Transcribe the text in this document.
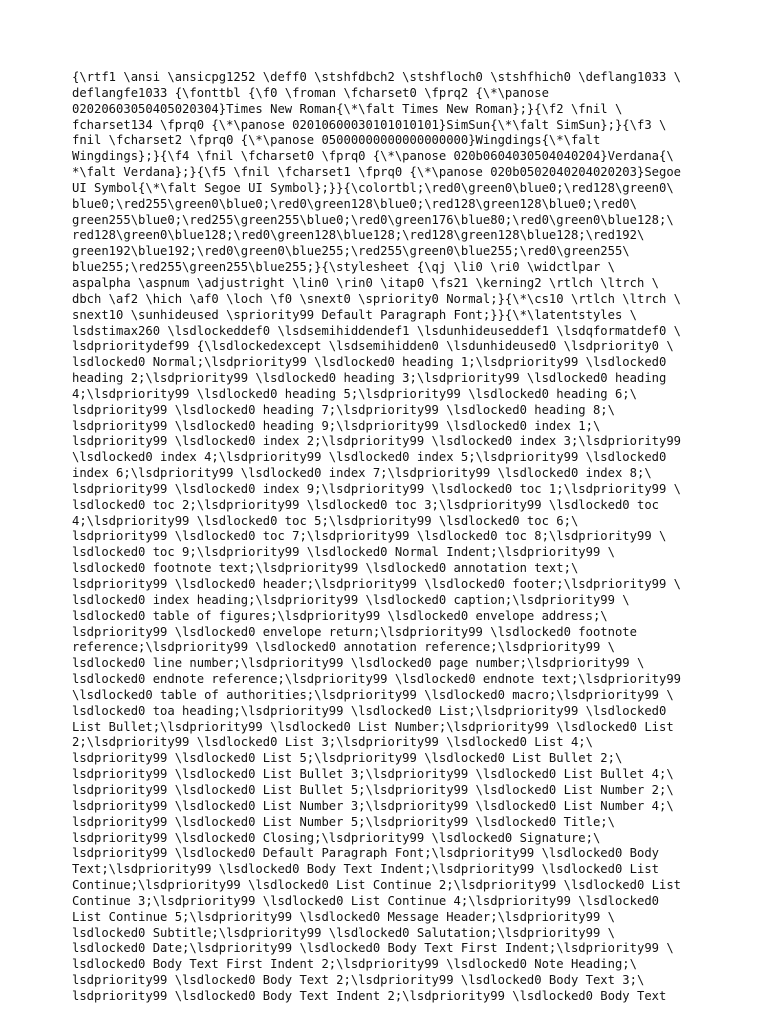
{\rtf1 \ansi \ansicpg1252 \deff0 \stshfdbch2 \stshfloch0 \stshfhich0 \deflang1033 \
deflangfe1033 {\fonttbl {\f0 \froman \fcharset0 \fprq2 {\*\panose
02020603050405020304}Times New Roman{\*\falt Times New Roman};}{\f2 \fnil \
fcharset134 \fprq0 {\*\panose 02010600030101010101}SimSun{\*\falt SimSun};}{\f3 \
fnil \fcharset2 \fprq0 {\*\panose 05000000000000000000}Wingdings{\*\falt
Wingdings};}{\f4 \fnil \fcharset0 \fprq0 {\*\panose 020b0604030504040204}Verdana{\
*\falt Verdana};}{\f5 \fnil \fcharset1 \fprq0 {\*\panose 020b0502040204020203}Segoe
UI Symbol{\*\falt Segoe UI Symbol};}}{\colortbl;\red0\green0\blue0;\red128\green0\
blue0;\red255\green0\blue0;\red0\green128\blue0;\red128\green128\blue0;\red0\
green255\blue0;\red255\green255\blue0;\red0\green176\blue80;\red0\green0\blue128;\
red128\green0\blue128;\red0\green128\blue128;\red128\green128\blue128;\red192\
green192\blue192;\red0\green0\blue255;\red255\green0\blue255;\red0\green255\
blue255;\red255\green255\blue255;}{\stylesheet {\qj \li0 \ri0 \widctlpar \
aspalpha \aspnum \adjustright \lin0 \rin0 \itap0 \fs21 \kerning2 \rtlch \ltrch \
dbch \af2 \hich \af0 \loch \f0 \snext0 \spriority0 Normal;}{\*\cs10 \rtlch \ltrch \
snext10 \sunhideused \spriority99 Default Paragraph Font;}}{\*\latentstyles \
lsdstimax260 \lsdlockeddef0 \lsdsemihiddendef1 \lsdunhideuseddef1 \lsdqformatdef0 \
lsdprioritydef99 {\lsdlockedexcept \lsdsemihidden0 \lsdunhideused0 \lsdpriority0 \
lsdlocked0 Normal;\lsdpriority99 \lsdlocked0 heading 1;\lsdpriority99 \lsdlocked0
heading 2;\lsdpriority99 \lsdlocked0 heading 3;\lsdpriority99 \lsdlocked0 heading
4;\lsdpriority99 \lsdlocked0 heading 5;\lsdpriority99 \lsdlocked0 heading 6;\
lsdpriority99 \lsdlocked0 heading 7;\lsdpriority99 \lsdlocked0 heading 8;\
lsdpriority99 \lsdlocked0 heading 9;\lsdpriority99 \lsdlocked0 index 1;\
lsdpriority99 \lsdlocked0 index 2;\lsdpriority99 \lsdlocked0 index 3;\lsdpriority99
\lsdlocked0 index 4;\lsdpriority99 \lsdlocked0 index 5;\lsdpriority99 \lsdlocked0
index 6;\lsdpriority99 \lsdlocked0 index 7;\lsdpriority99 \lsdlocked0 index 8;\
lsdpriority99 \lsdlocked0 index 9;\lsdpriority99 \lsdlocked0 toc 1;\lsdpriority99 \
lsdlocked0 toc 2;\lsdpriority99 \lsdlocked0 toc 3;\lsdpriority99 \lsdlocked0 toc
4;\lsdpriority99 \lsdlocked0 toc 5;\lsdpriority99 \lsdlocked0 toc 6;\
lsdpriority99 \lsdlocked0 toc 7;\lsdpriority99 \lsdlocked0 toc 8;\lsdpriority99 \
lsdlocked0 toc 9;\lsdpriority99 \lsdlocked0 Normal Indent;\lsdpriority99 \
lsdlocked0 footnote text;\lsdpriority99 \lsdlocked0 annotation text;\
lsdpriority99 \lsdlocked0 header;\lsdpriority99 \lsdlocked0 footer;\lsdpriority99 \
lsdlocked0 index heading;\lsdpriority99 \lsdlocked0 caption;\lsdpriority99 \
lsdlocked0 table of figures;\lsdpriority99 \lsdlocked0 envelope address;\
lsdpriority99 \lsdlocked0 envelope return;\lsdpriority99 \lsdlocked0 footnote
reference;\lsdpriority99 \lsdlocked0 annotation reference;\lsdpriority99 \
lsdlocked0 line number;\lsdpriority99 \lsdlocked0 page number;\lsdpriority99 \
lsdlocked0 endnote reference;\lsdpriority99 \lsdlocked0 endnote text;\lsdpriority99
\lsdlocked0 table of authorities;\lsdpriority99 \lsdlocked0 macro;\lsdpriority99 \
lsdlocked0 toa heading;\lsdpriority99 \lsdlocked0 List;\lsdpriority99 \lsdlocked0
List Bullet;\lsdpriority99 \lsdlocked0 List Number;\lsdpriority99 \lsdlocked0 List
2;\lsdpriority99 \lsdlocked0 List 3;\lsdpriority99 \lsdlocked0 List 4;\
lsdpriority99 \lsdlocked0 List 5;\lsdpriority99 \lsdlocked0 List Bullet 2;\
lsdpriority99 \lsdlocked0 List Bullet 3;\lsdpriority99 \lsdlocked0 List Bullet 4;\
lsdpriority99 \lsdlocked0 List Bullet 5;\lsdpriority99 \lsdlocked0 List Number 2;\
lsdpriority99 \lsdlocked0 List Number 3;\lsdpriority99 \lsdlocked0 List Number 4;\
lsdpriority99 \lsdlocked0 List Number 5;\lsdpriority99 \lsdlocked0 Title;\
lsdpriority99 \lsdlocked0 Closing;\lsdpriority99 \lsdlocked0 Signature;\
lsdpriority99 \lsdlocked0 Default Paragraph Font;\lsdpriority99 \lsdlocked0 Body
Text;\lsdpriority99 \lsdlocked0 Body Text Indent;\lsdpriority99 \lsdlocked0 List
Continue;\lsdpriority99 \lsdlocked0 List Continue 2;\lsdpriority99 \lsdlocked0 List
Continue 3;\lsdpriority99 \lsdlocked0 List Continue 4;\lsdpriority99 \lsdlocked0
List Continue 5;\lsdpriority99 \lsdlocked0 Message Header;\lsdpriority99 \
lsdlocked0 Subtitle;\lsdpriority99 \lsdlocked0 Salutation;\lsdpriority99 \
lsdlocked0 Date;\lsdpriority99 \lsdlocked0 Body Text First Indent;\lsdpriority99 \
lsdlocked0 Body Text First Indent 2;\lsdpriority99 \lsdlocked0 Note Heading;\
lsdpriority99 \lsdlocked0 Body Text 2;\lsdpriority99 \lsdlocked0 Body Text 3;\
lsdpriority99 \lsdlocked0 Body Text Indent 2;\lsdpriority99 \lsdlocked0 Body Text
